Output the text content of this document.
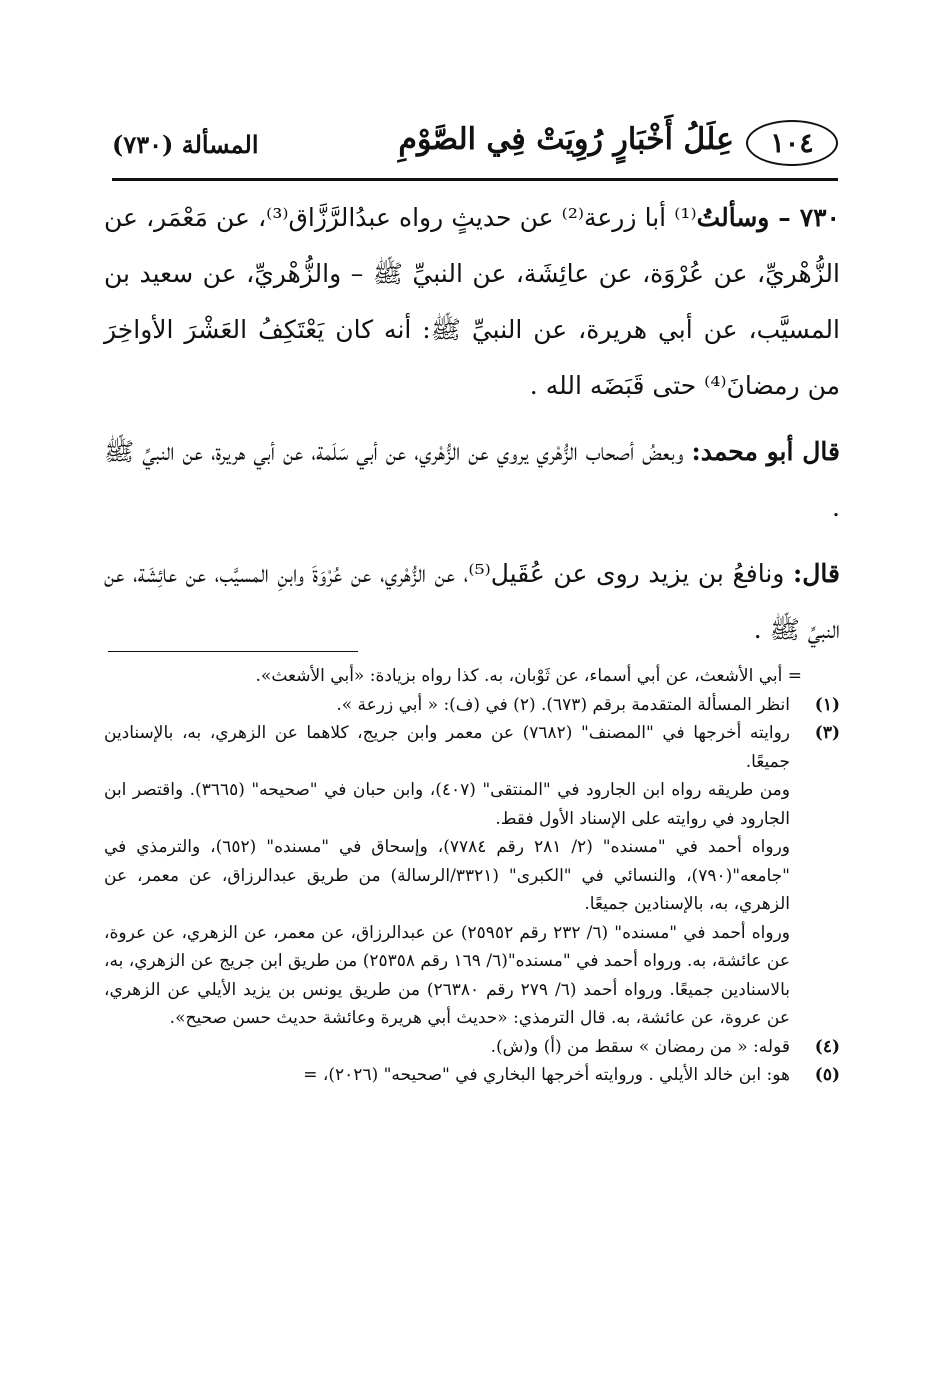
١٠٤
عِلَلُ أَخْبَارٍ رُوِيَتْ فِي الصَّوْمِ
المسألة (٧٣٠)

٧٣٠ – وسألتُ⁽¹⁾ أبا زرعة⁽²⁾ عن حديثٍ رواه عبدُالرَّزَّاق⁽³⁾، عن مَعْمَر، عن الزُّهْريِّ، عن عُرْوَة، عن عائِشَة، عن النبيِّ ﷺ – والزُّهْريِّ، عن سعيد بن المسيَّب، عن أبي هريرة، عن النبيِّ ﷺ: أنه كان يَعْتَكِفُ العَشْرَ الأواخِرَ من رمضانَ⁽⁴⁾ حتى قَبَضَه الله .

قال أبو محمد: وبعضُ أصحاب الزُّهْري يروي عن الزُّهْري، عن أبي سَلَمة، عن أبي هريرة، عن النبيِّ ﷺ .

قال: ونافعُ بن يزيد روى عن عُقَيل⁽⁵⁾، عن الزُّهْري، عن عُرْوَةَ وابنِ المسيَّب، عن عائِشَة، عن النبيِّ ﷺ .

= أبي الأشعث، عن أبي أسماء، عن ثَوْبان، به. كذا رواه بزيادة: «أبي الأشعث».
(١)
انظر المسألة المتقدمة برقم (٦٧٣). (٢) في (ف): « أبي زرعة ».
(٣)
روايته أخرجها في "المصنف" (٧٦٨٢) عن معمر وابن جريج، كلاهما عن الزهري، به، بالإسنادين جميعًا.
ومن طريقه رواه ابن الجارود في "المنتقى" (٤٠٧)، وابن حبان في "صحيحه" (٣٦٦٥). واقتصر ابن الجارود في روايته على الإسناد الأول فقط.
ورواه أحمد في "مسنده" (٢/ ٢٨١ رقم ٧٧٨٤)، وإسحاق في "مسنده" (٦٥٢)، والترمذي في "جامعه"(٧٩٠)، والنسائي في "الكبرى" (٣٣٢١/الرسالة) من طريق عبدالرزاق، عن معمر، عن الزهري، به، بالإسنادين جميعًا.
ورواه أحمد في "مسنده" (٦/ ٢٣٢ رقم ٢٥٩٥٢) عن عبدالرزاق، عن معمر، عن الزهري، عن عروة، عن عائشة، به. ورواه أحمد في "مسنده"(٦/ ١٦٩ رقم ٢٥٣٥٨) من طريق ابن جريج عن الزهري، به، بالاسنادين جميعًا. ورواه أحمد (٦/ ٢٧٩ رقم ٢٦٣٨٠) من طريق يونس بن يزيد الأيلي عن الزهري، عن عروة، عن عائشة، به. قال الترمذي: «حديث أبي هريرة وعائشة حديث حسن صحيح».
(٤)
قوله: « من رمضان » سقط من (أ) و(ش).
(٥)
هو: ابن خالد الأيلي . وروايته أخرجها البخاري في "صحيحه" (٢٠٢٦)، =
